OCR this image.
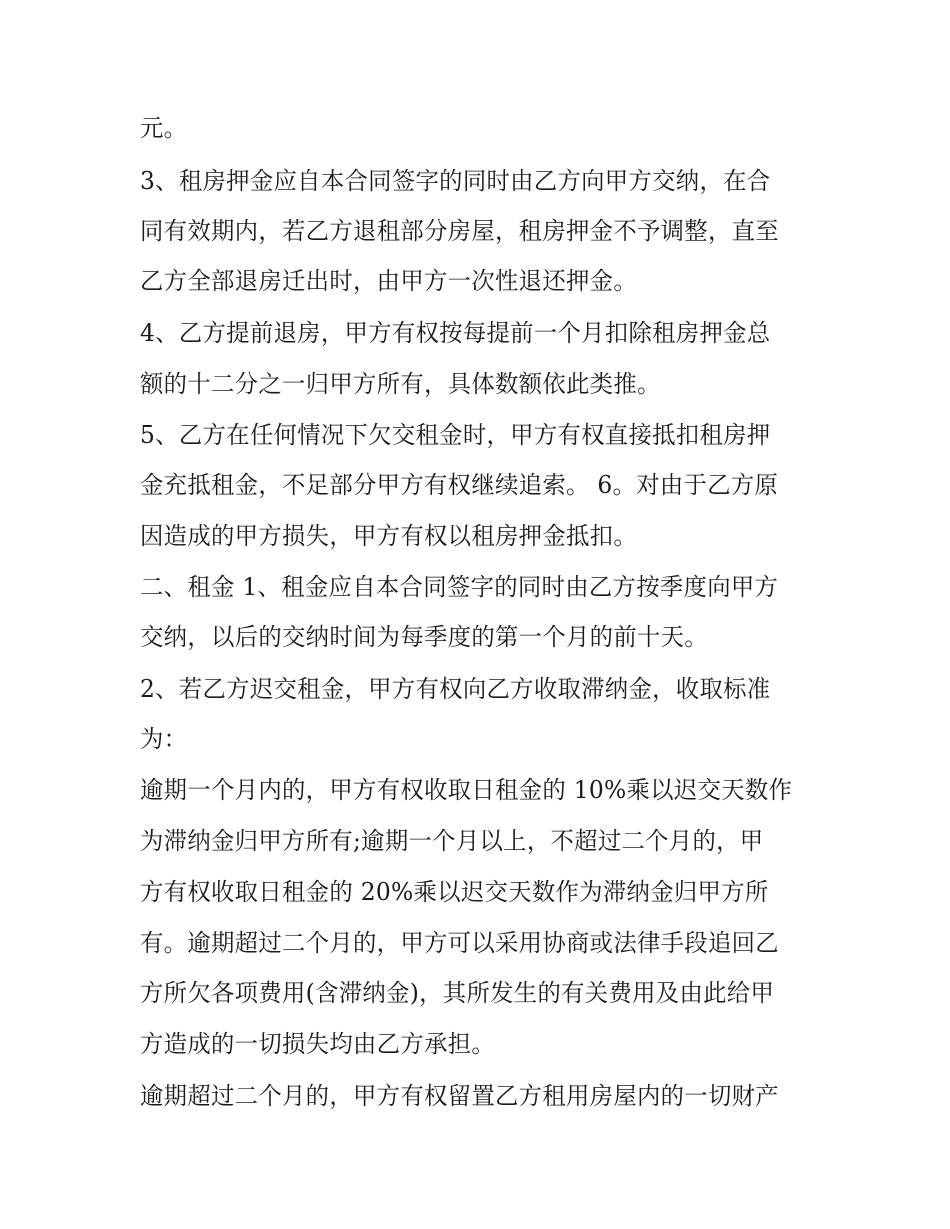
元。
3、租房押金应自本合同签字的同时由乙方向甲方交纳，在合
同有效期内，若乙方退租部分房屋，租房押金不予调整，直至
乙方全部退房迁出时，由甲方一次性退还押金。
4、乙方提前退房，甲方有权按每提前一个月扣除租房押金总
额的十二分之一归甲方所有，具体数额依此类推。
5、乙方在任何情况下欠交租金时，甲方有权直接抵扣租房押
金充抵租金，不足部分甲方有权继续追索。 6。对由于乙方原
因造成的甲方损失，甲方有权以租房押金抵扣。
二、租金 1、租金应自本合同签字的同时由乙方按季度向甲方
交纳，以后的交纳时间为每季度的第一个月的前十天。
2、若乙方迟交租金，甲方有权向乙方收取滞纳金，收取标准
为：
逾期一个月内的，甲方有权收取日租金的 10%乘以迟交天数作
为滞纳金归甲方所有;逾期一个月以上，不超过二个月的，甲
方有权收取日租金的 20%乘以迟交天数作为滞纳金归甲方所
有。逾期超过二个月的，甲方可以采用协商或法律手段追回乙
方所欠各项费用(含滞纳金)，其所发生的有关费用及由此给甲
方造成的一切损失均由乙方承担。
逾期超过二个月的，甲方有权留置乙方租用房屋内的一切财产
